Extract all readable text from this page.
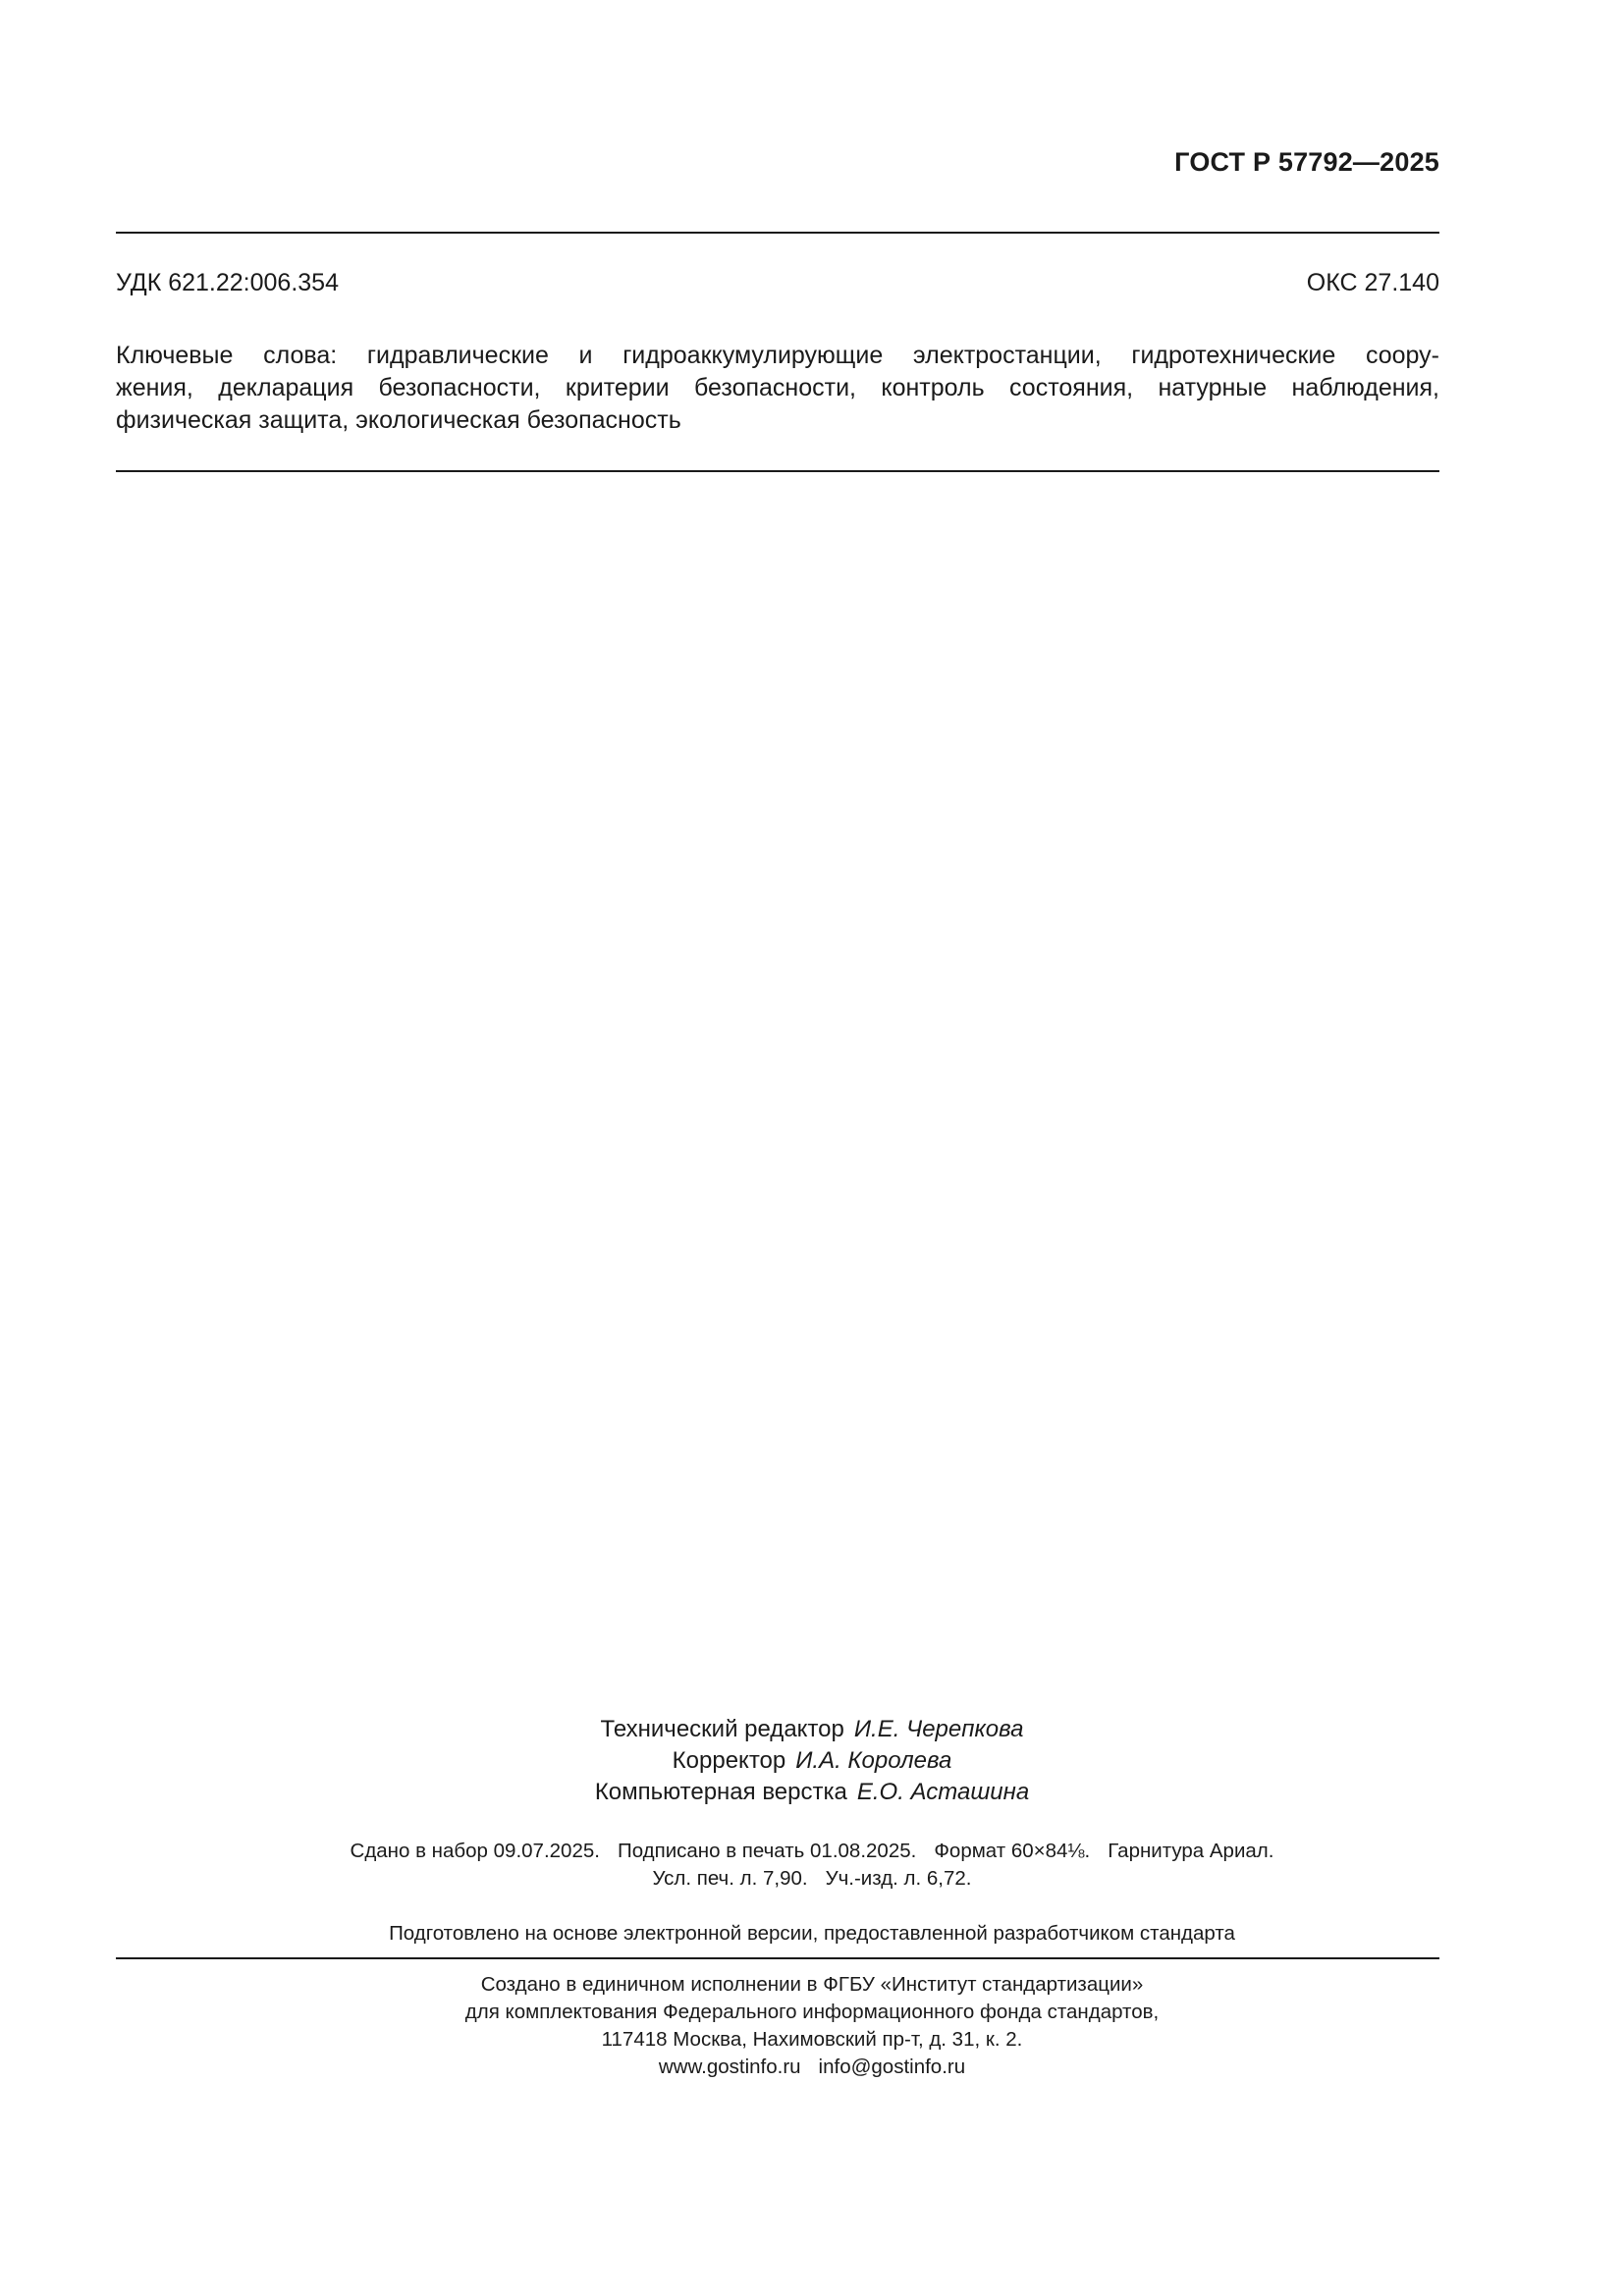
ГОСТ Р 57792—2025
УДК 621.22:006.354	ОКС 27.140
Ключевые слова: гидравлические и гидроаккумулирующие электростанции, гидротехнические соору-
жения, декларация безопасности, критерии безопасности, контроль состояния, натурные наблюдения,
физическая защита, экологическая безопасность
Технический редактор И.Е. Черепкова
Корректор И.А. Королева
Компьютерная верстка Е.О. Асташина
Сдано в набор 09.07.2025. Подписано в печать 01.08.2025. Формат 60×84⅛. Гарнитура Ариал.
Усл. печ. л. 7,90. Уч.-изд. л. 6,72.
Подготовлено на основе электронной версии, предоставленной разработчиком стандарта
Создано в единичном исполнении в ФГБУ «Институт стандартизации»
для комплектования Федерального информационного фонда стандартов,
117418 Москва, Нахимовский пр-т, д. 31, к. 2.
www.gostinfo.ru info@gostinfo.ru
